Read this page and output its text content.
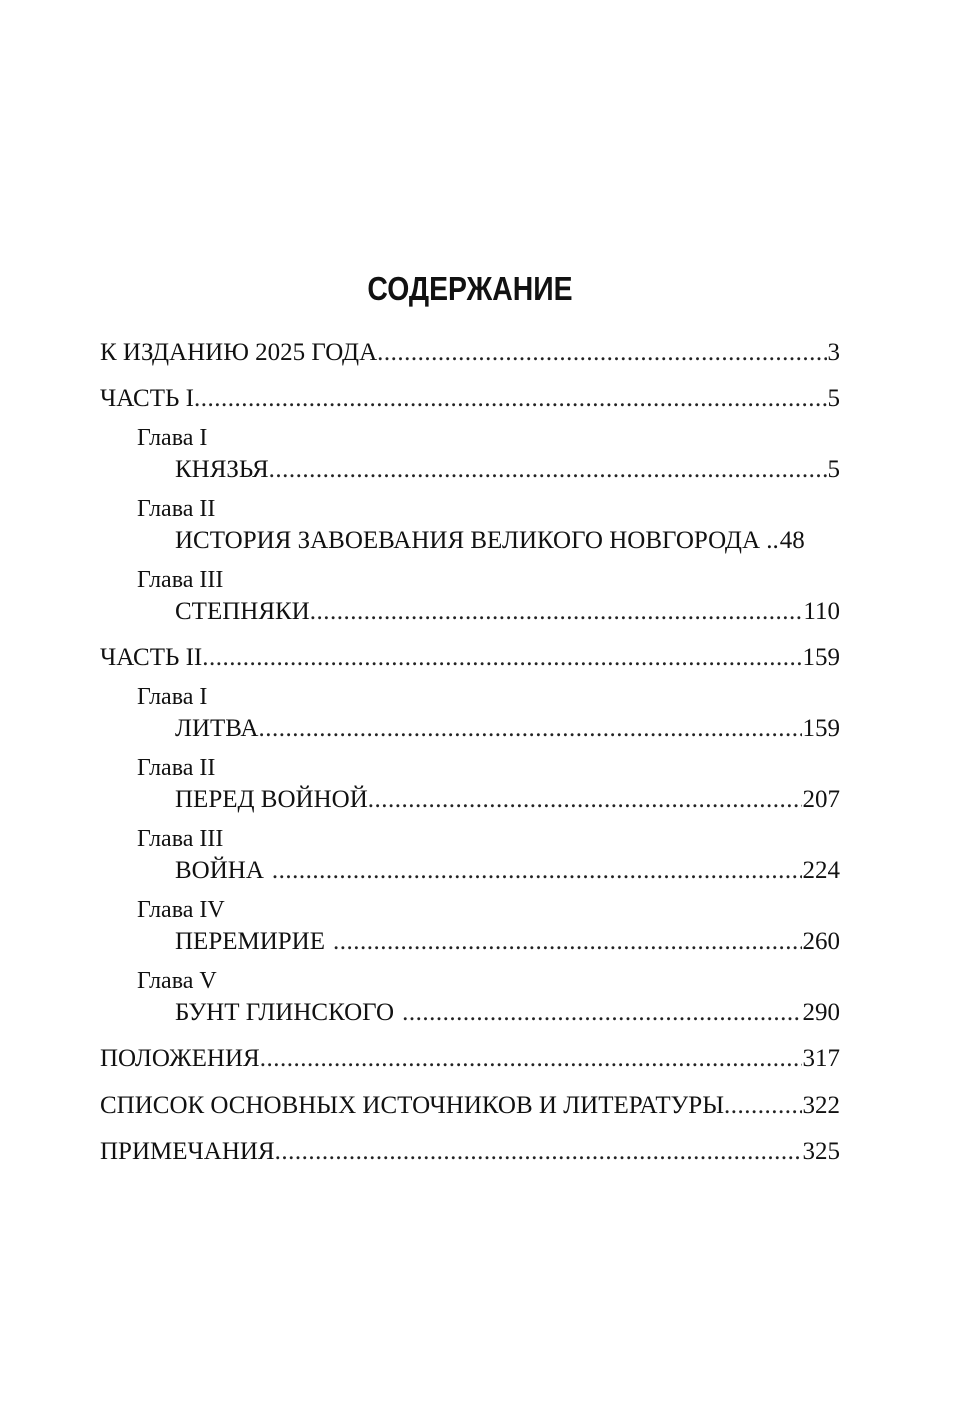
СОДЕРЖАНИЕ
К ИЗДАНИЮ 2025 ГОДА .....	3
ЧАСТЬ I .....	5
Глава I
КНЯЗЬЯ .....	5
Глава II
ИСТОРИЯ ЗАВОЕВАНИЯ ВЕЛИКОГО НОВГОРОДА .. 48
Глава III
СТЕПНЯКИ .....	110
ЧАСТЬ II .....	159
Глава I
ЛИТВА .....	159
Глава II
ПЕРЕД ВОЙНОЙ .....	207
Глава III
ВОЙНА .....	224
Глава IV
ПЕРЕМИРИЕ .....	260
Глава V
БУНТ ГЛИНСКОГО .....	290
ПОЛОЖЕНИЯ .....	317
СПИСОК ОСНОВНЫХ ИСТОЧНИКОВ И ЛИТЕРАТУРЫ .....	322
ПРИМЕЧАНИЯ .....	325
